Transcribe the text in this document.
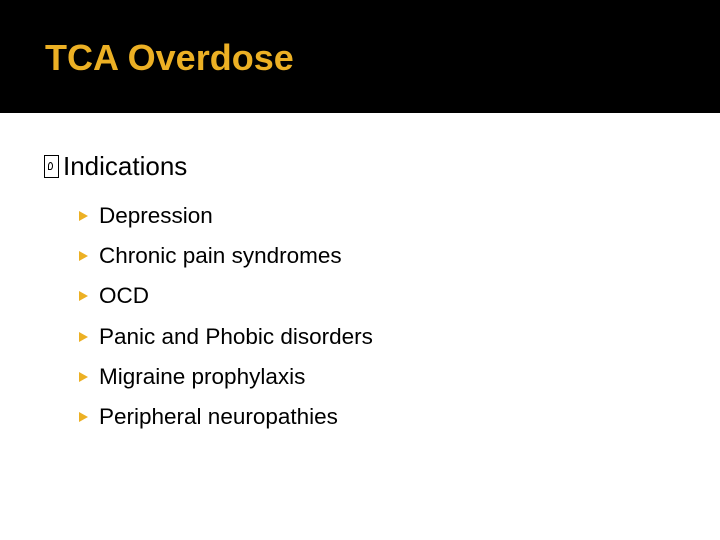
TCA Overdose
Indications
Depression
Chronic pain syndromes
OCD
Panic and Phobic disorders
Migraine prophylaxis
Peripheral neuropathies
